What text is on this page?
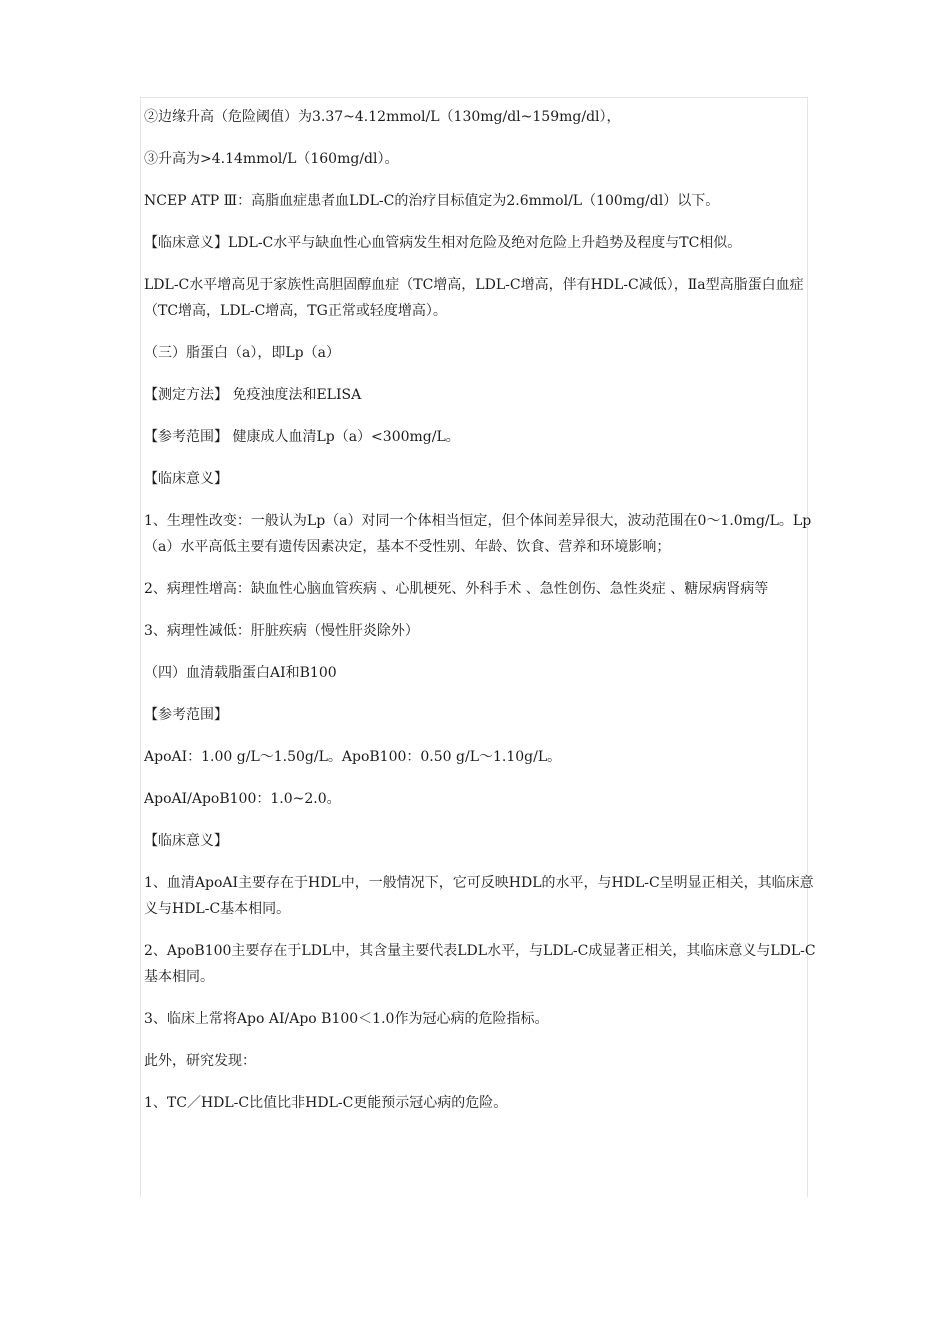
②边缘升高（危险阈值）为3.37~4.12mmol/L（130mg/dl~159mg/dl），

③升高为>4.14mmol/L（160mg/dl）。

NCEP ATP Ⅲ：高脂血症患者血LDL-C的治疗目标值定为2.6mmol/L（100mg/dl）以下。

【临床意义】LDL-C水平与缺血性心血管病发生相对危险及绝对危险上升趋势及程度与TC相似。

LDL-C水平增高见于家族性高胆固醇血症（TC增高，LDL-C增高，伴有HDL-C减低），Ⅱa型高脂蛋白血症（TC增高，LDL-C增高，TG正常或轻度增高）。

（三）脂蛋白（a），即Lp（a）

【测定方法】 免疫浊度法和ELISA

【参考范围】 健康成人血清Lp（a）<300mg/L。

【临床意义】

1、生理性改变：一般认为Lp（a）对同一个体相当恒定，但个体间差异很大，波动范围在0～1.0mg/L。Lp（a）水平高低主要有遗传因素决定，基本不受性别、年龄、饮食、营养和环境影响；

2、病理性增高：缺血性心脑血管疾病 、心肌梗死、外科手术 、急性创伤、急性炎症 、糖尿病肾病等

3、病理性减低：肝脏疾病（慢性肝炎除外）

（四）血清载脂蛋白AⅠ和B100

【参考范围】

ApoAⅠ：1.00 g/L～1.50g/L。ApoB100：0.50 g/L～1.10g/L。

ApoAⅠ/ApoB100：1.0~2.0。

【临床意义】

1、血清ApoAⅠ主要存在于HDL中，一般情况下，它可反映HDL的水平，与HDL-C呈明显正相关，其临床意义与HDL-C基本相同。

2、ApoB100主要存在于LDL中，其含量主要代表LDL水平，与LDL-C成显著正相关，其临床意义与LDL-C基本相同。

3、临床上常将Apo AⅠ/Apo B100＜1.0作为冠心病的危险指标。

此外，研究发现：

1、TC／HDL-C比值比非HDL-C更能预示冠心病的危险。
